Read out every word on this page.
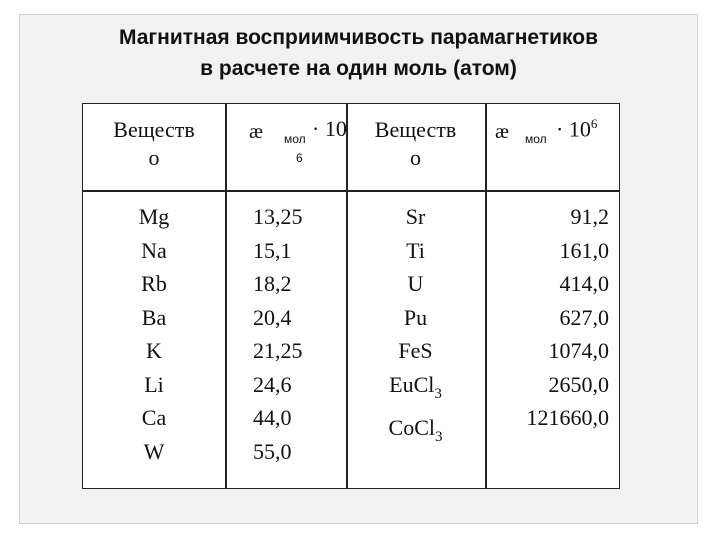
Магнитная восприимчивость парамагнетиков
в расчете на один моль (атом)
Веществ
о
æ мол · 10
6
Веществ
о
æ мол · $10^6$
Mg
Na
Rb
Ba
K
Li
Ca
W
13,25
15,1
18,2
20,4
21,25
24,6
44,0
55,0
Sr
Ti
U
Pu
FeS
EuCl$_3$
CoCl$_3$
91,2
161,0
414,0
627,0
1074,0
2650,0
121660,0
